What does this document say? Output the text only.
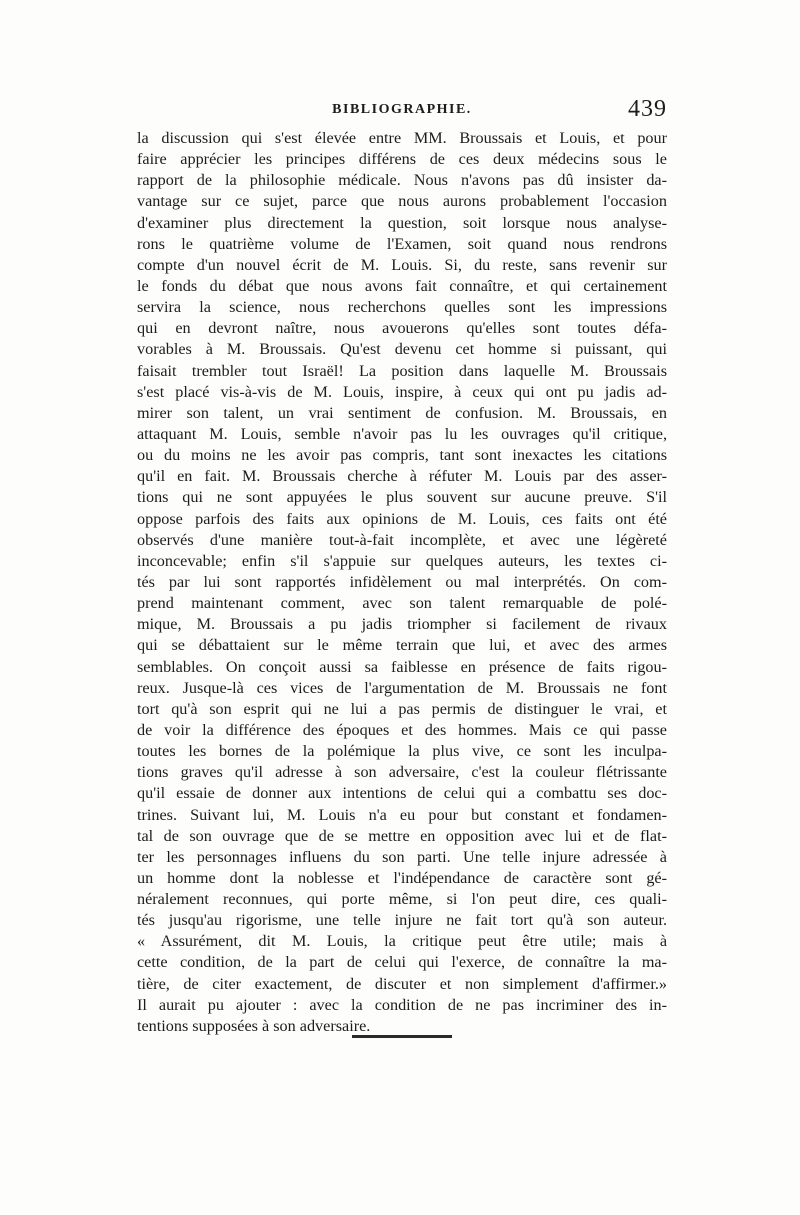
BIBLIOGRAPHIE.	439
la discussion qui s'est élevée entre MM. Broussais et Louis, et pour
faire apprécier les principes différens de ces deux médecins sous le
rapport de la philosophie médicale. Nous n'avons pas dû insister da-
vantage sur ce sujet, parce que nous aurons probablement l'occasion
d'examiner plus directement la question, soit lorsque nous analyse-
rons le quatrième volume de l'Examen, soit quand nous rendrons
compte d'un nouvel écrit de M. Louis. Si, du reste, sans revenir sur
le fonds du débat que nous avons fait connaître, et qui certainement
servira la science, nous recherchons quelles sont les impressions
qui en devront naître, nous avouerons qu'elles sont toutes défa-
vorables à M. Broussais. Qu'est devenu cet homme si puissant, qui
faisait trembler tout Israël! La position dans laquelle M. Broussais
s'est placé vis-à-vis de M. Louis, inspire, à ceux qui ont pu jadis ad-
mirer son talent, un vrai sentiment de confusion. M. Broussais, en
attaquant M. Louis, semble n'avoir pas lu les ouvrages qu'il critique,
ou du moins ne les avoir pas compris, tant sont inexactes les citations
qu'il en fait. M. Broussais cherche à réfuter M. Louis par des asser-
tions qui ne sont appuyées le plus souvent sur aucune preuve. S'il
oppose parfois des faits aux opinions de M. Louis, ces faits ont été
observés d'une manière tout-à-fait incomplète, et avec une légèreté
inconcevable; enfin s'il s'appuie sur quelques auteurs, les textes ci-
tés par lui sont rapportés infidèlement ou mal interprétés. On com-
prend maintenant comment, avec son talent remarquable de polé-
mique, M. Broussais a pu jadis triompher si facilement de rivaux
qui se débattaient sur le même terrain que lui, et avec des armes
semblables. On conçoit aussi sa faiblesse en présence de faits rigou-
reux. Jusque-là ces vices de l'argumentation de M. Broussais ne font
tort qu'à son esprit qui ne lui a pas permis de distinguer le vrai, et
de voir la différence des époques et des hommes. Mais ce qui passe
toutes les bornes de la polémique la plus vive, ce sont les inculpa-
tions graves qu'il adresse à son adversaire, c'est la couleur flétrissante
qu'il essaie de donner aux intentions de celui qui a combattu ses doc-
trines. Suivant lui, M. Louis n'a eu pour but constant et fondamen-
tal de son ouvrage que de se mettre en opposition avec lui et de flat-
ter les personnages influens du son parti. Une telle injure adressée à
un homme dont la noblesse et l'indépendance de caractère sont gé-
néralement reconnues, qui porte même, si l'on peut dire, ces quali-
tés jusqu'au rigorisme, une telle injure ne fait tort qu'à son auteur.
« Assurément, dit M. Louis, la critique peut être utile; mais à
cette condition, de la part de celui qui l'exerce, de connaître la ma-
tière, de citer exactement, de discuter et non simplement d'affirmer.»
Il aurait pu ajouter : avec la condition de ne pas incriminer des in-
tentions supposées à son adversaire.
